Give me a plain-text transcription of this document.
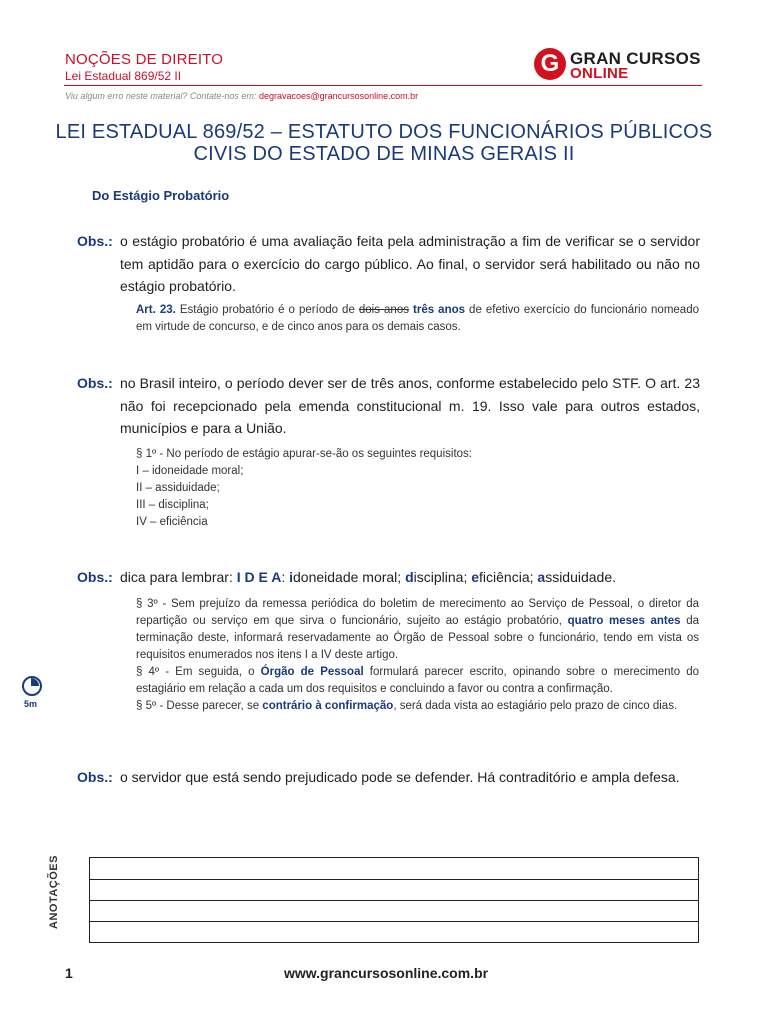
NOÇÕES DE DIREITO
Lei Estadual 869/52 II
Viu algum erro neste material? Contate-nos em: degravacoes@grancursosonline.com.br
G GRAN CURSOS
ONLINE
LEI ESTADUAL 869/52 – ESTATUTO DOS FUNCIONÁRIOS PÚBLICOS
CIVIS DO ESTADO DE MINAS GERAIS II
Do Estágio Probatório
Obs.: o estágio probatório é uma avaliação feita pela administração a fim de verificar se o servidor tem aptidão para o exercício do cargo público. Ao final, o servidor será habilitado ou não no estágio probatório.
Art. 23. Estágio probatório é o período de dois anos três anos de efetivo exercício do funcionário nomeado em virtude de concurso, e de cinco anos para os demais casos.
Obs.: no Brasil inteiro, o período dever ser de três anos, conforme estabelecido pelo STF. O art. 23 não foi recepcionado pela emenda constitucional m. 19. Isso vale para outros estados, municípios e para a União.
§ 1º - No período de estágio apurar-se-ão os seguintes requisitos:
I – idoneidade moral;
II – assiduidade;
III – disciplina;
IV – eficiência
Obs.: dica para lembrar: I D E A: idoneidade moral; disciplina; eficiência; assiduidade.
§ 3º - Sem prejuízo da remessa periódica do boletim de merecimento ao Serviço de Pessoal, o diretor da repartição ou serviço em que sirva o funcionário, sujeito ao estágio probatório, quatro meses antes da terminação deste, informará reservadamente ao Órgão de Pessoal sobre o funcionário, tendo em vista os requisitos enumerados nos itens I a IV deste artigo.
§ 4º - Em seguida, o Órgão de Pessoal formulará parecer escrito, opinando sobre o merecimento do estagiário em relação a cada um dos requisitos e concluindo a favor ou contra a confirmação.
§ 5º - Desse parecer, se contrário à confirmação, será dada vista ao estagiário pelo prazo de cinco dias.
5m
Obs.: o servidor que está sendo prejudicado pode se defender. Há contraditório e ampla defesa.
ANOTAÇÕES
1	www.grancursosonline.com.br
